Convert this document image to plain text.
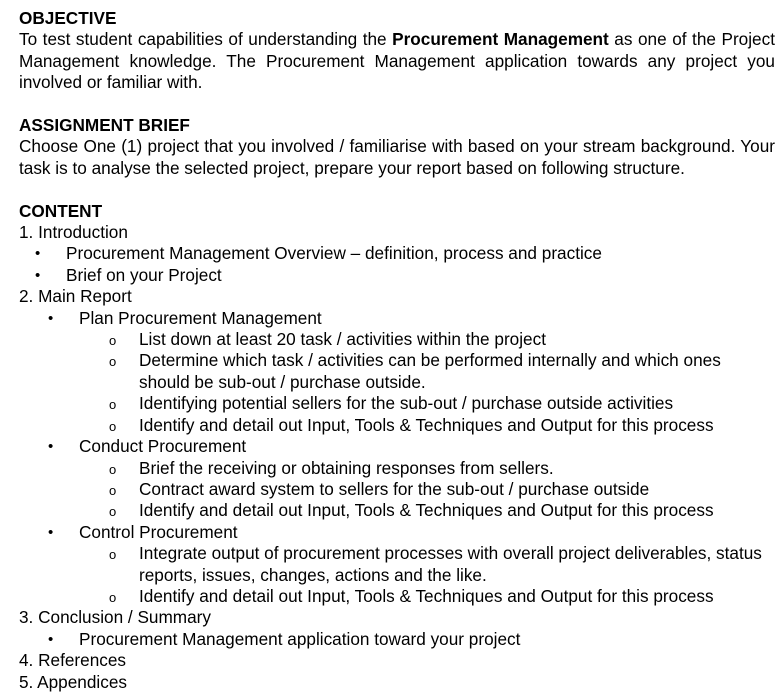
OBJECTIVE
To test student capabilities of understanding the Procurement Management as one of the Project Management knowledge. The Procurement Management application towards any project you involved or familiar with.
ASSIGNMENT BRIEF
Choose One (1) project that you involved / familiarise with based on your stream background. Your task is to analyse the selected project, prepare your report based on following structure.
CONTENT
1. Introduction
• Procurement Management Overview – definition, process and practice
• Brief on your Project
2. Main Report
• Plan Procurement Management
o List down at least 20 task / activities within the project
o Determine which task / activities can be performed internally and which ones should be sub-out / purchase outside.
o Identifying potential sellers for the sub-out / purchase outside activities
o Identify and detail out Input, Tools & Techniques and Output for this process
• Conduct Procurement
o Brief the receiving or obtaining responses from sellers.
o Contract award system to sellers for the sub-out / purchase outside
o Identify and detail out Input, Tools & Techniques and Output for this process
• Control Procurement
o Integrate output of procurement processes with overall project deliverables, status reports, issues, changes, actions and the like.
o Identify and detail out Input, Tools & Techniques and Output for this process
3. Conclusion / Summary
• Procurement Management application toward your project
4. References
5. Appendices
